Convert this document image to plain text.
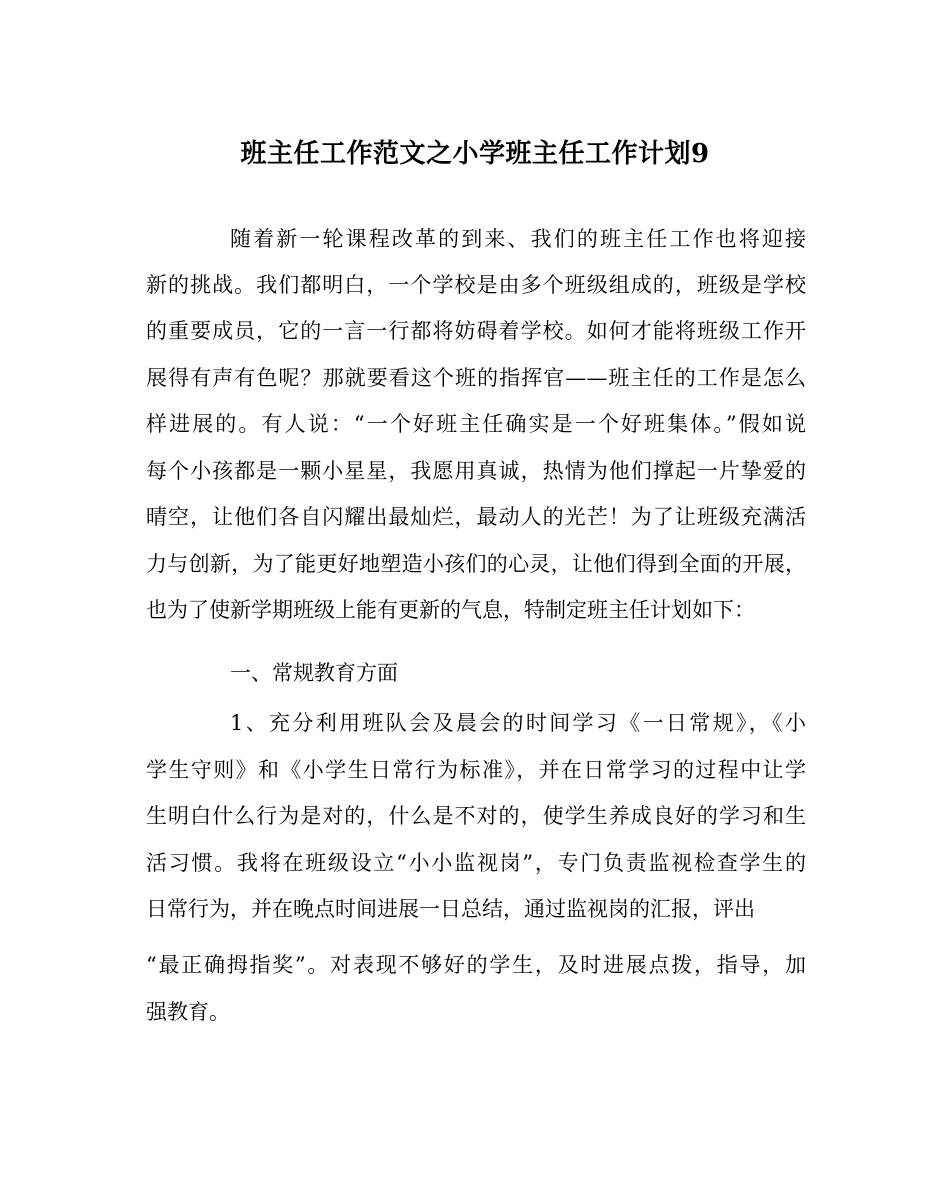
班主任工作范文之小学班主任工作计划9
随着新一轮课程改革的到来、我们的班主任工作也将迎接
新的挑战。我们都明白，一个学校是由多个班级组成的，班级是学校
的重要成员，它的一言一行都将妨碍着学校。如何才能将班级工作开
展得有声有色呢？那就要看这个班的指挥官——班主任的工作是怎么
样进展的。有人说：“一个好班主任确实是一个好班集体。”假如说
每个小孩都是一颗小星星，我愿用真诚，热情为他们撑起一片挚爱的
晴空，让他们各自闪耀出最灿烂，最动人的光芒！为了让班级充满活
力与创新，为了能更好地塑造小孩们的心灵，让他们得到全面的开展，
也为了使新学期班级上能有更新的气息，特制定班主任计划如下：
一、常规教育方面
1、充分利用班队会及晨会的时间学习《一日常规》，《小
学生守则》和《小学生日常行为标准》，并在日常学习的过程中让学
生明白什么行为是对的，什么是不对的，使学生养成良好的学习和生
活习惯。我将在班级设立“小小监视岗”，专门负责监视检查学生的
日常行为，并在晚点时间进展一日总结，通过监视岗的汇报，评出
“最正确拇指奖”。对表现不够好的学生，及时进展点拨，指导，加
强教育。
